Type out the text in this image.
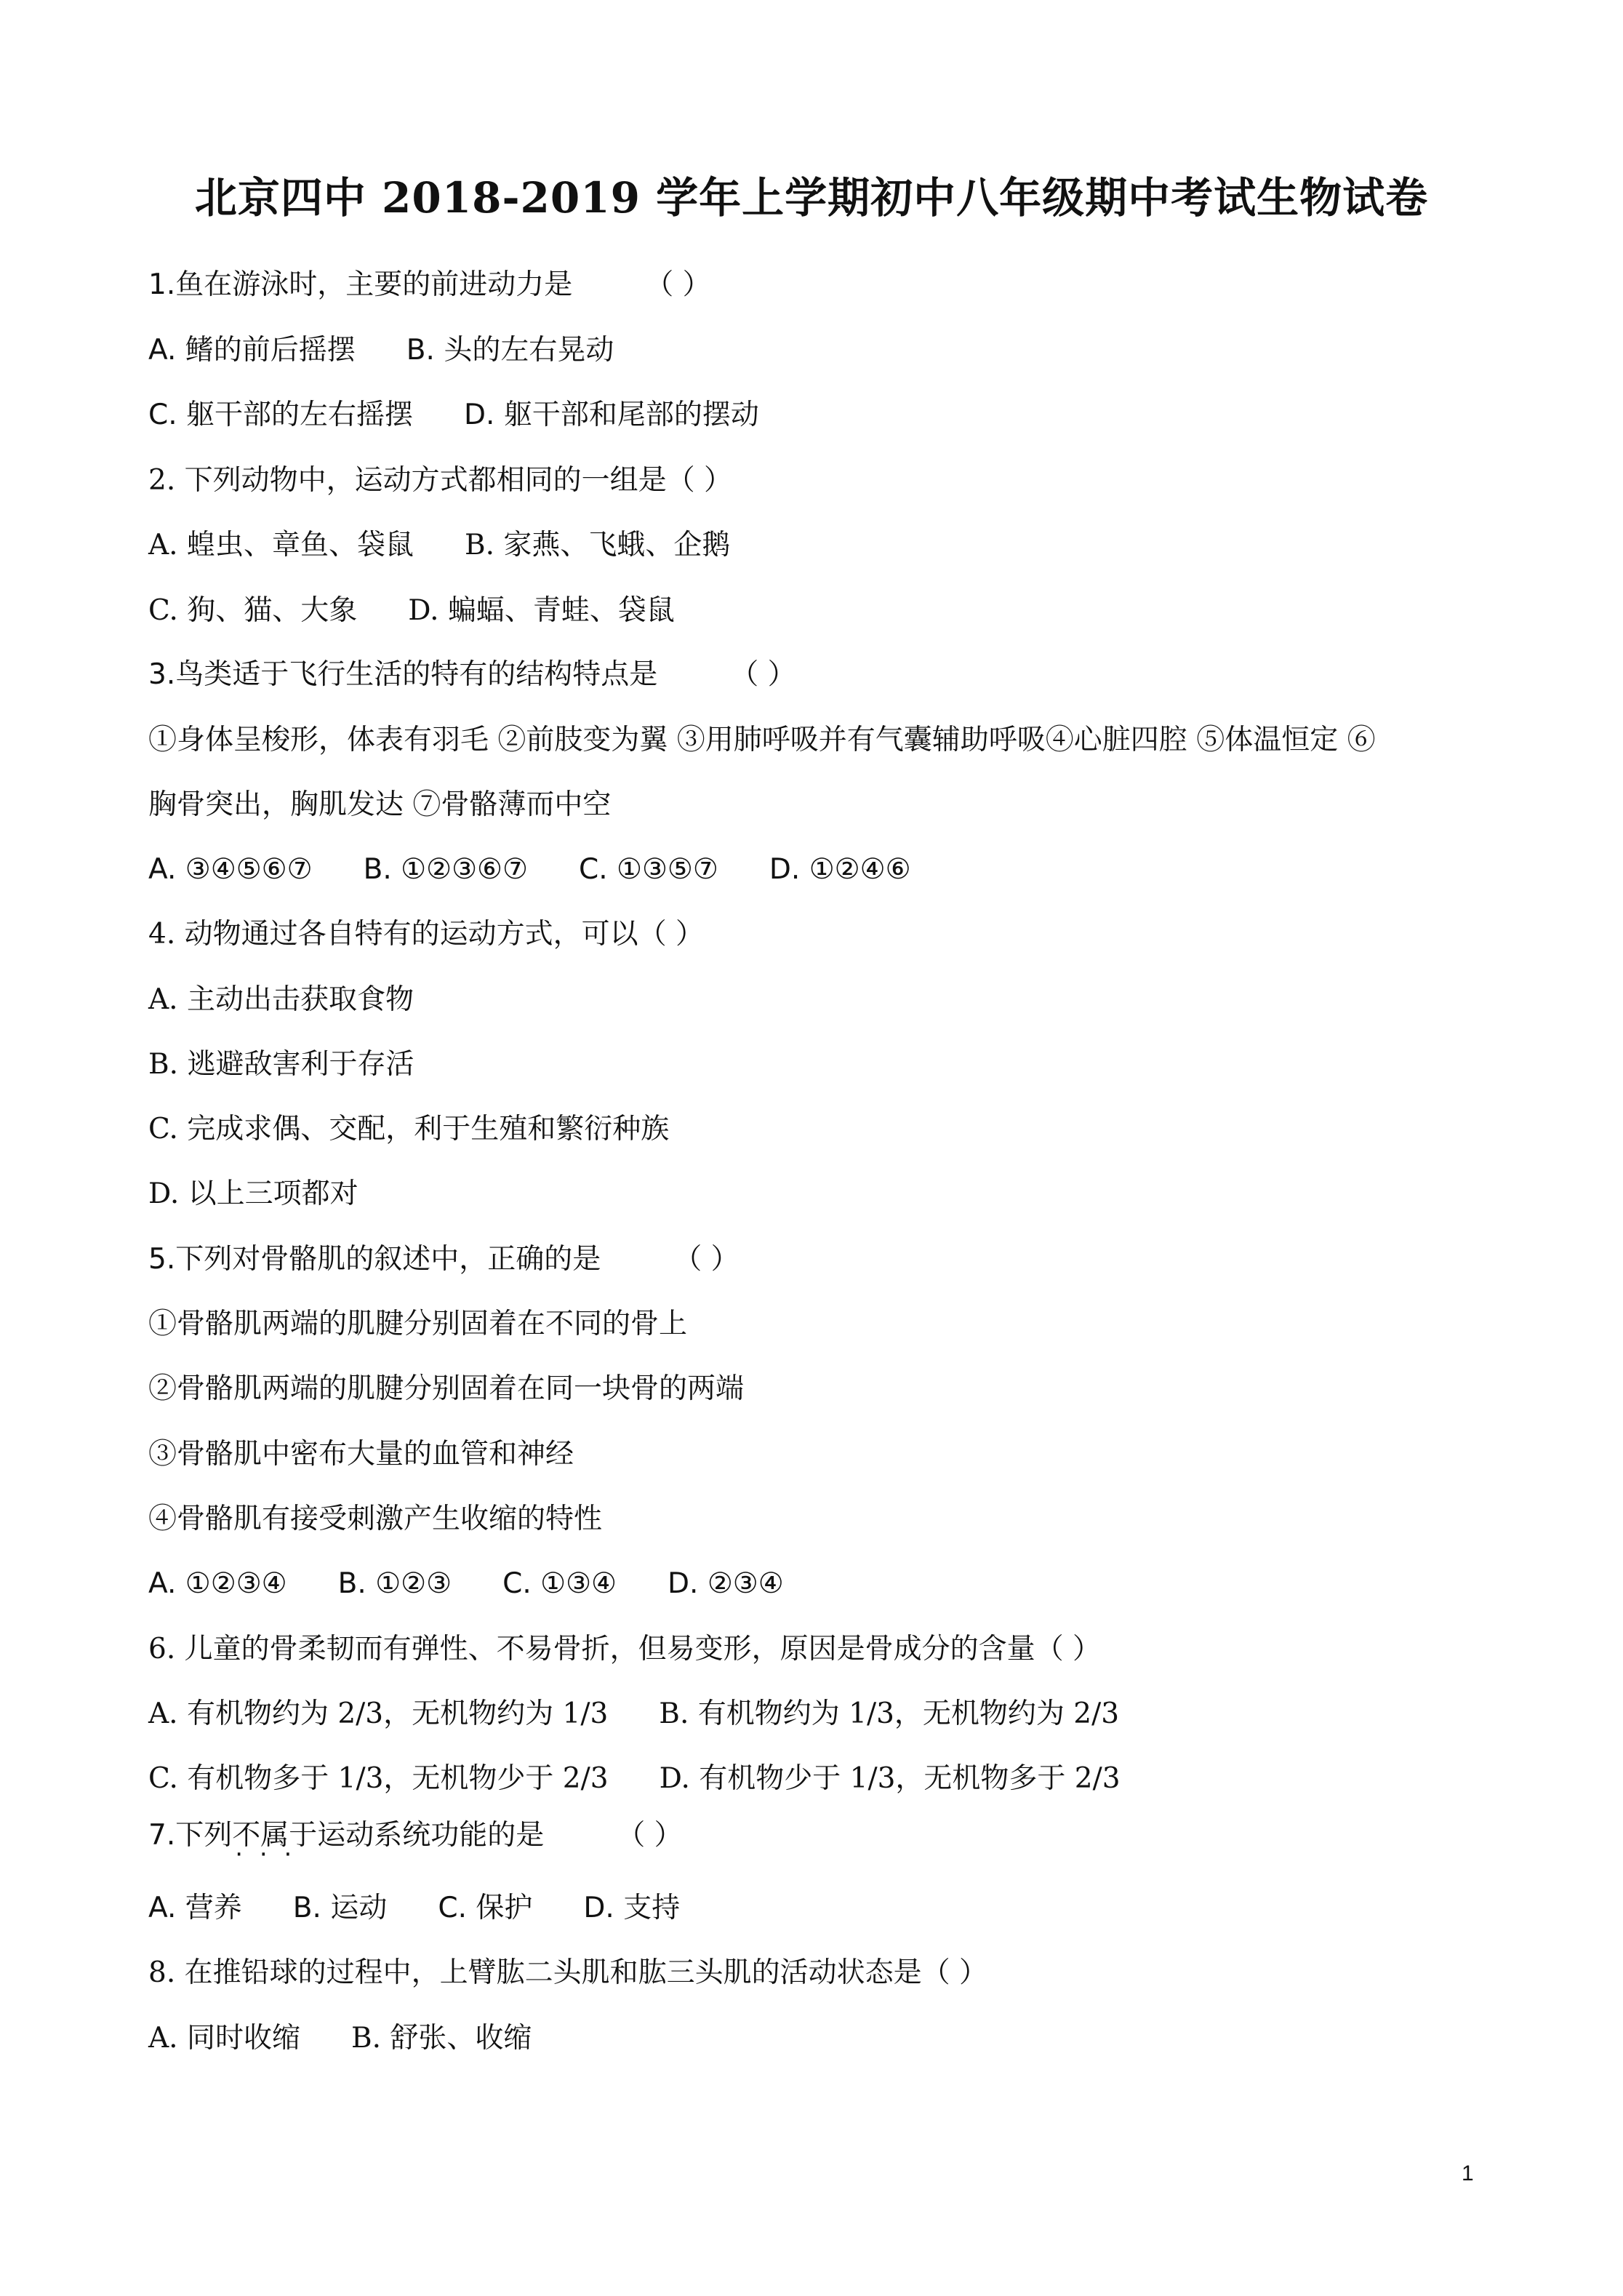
北京四中 2018-2019 学年上学期初中八年级期中考试生物试卷
1.鱼在游泳时，主要的前进动力是	（ ）
A. 鳍的前后摇摆 B. 头的左右晃动
C. 躯干部的左右摇摆 D. 躯干部和尾部的摆动
2. 下列动物中，运动方式都相同的一组是（ ）
A. 蝗虫、章鱼、袋鼠 B. 家燕、飞蛾、企鹅
C. 狗、猫、大象 D. 蝙蝠、青蛙、袋鼠
3.鸟类适于飞行生活的特有的结构特点是	（ ）
①身体呈梭形，体表有羽毛 ②前肢变为翼 ③用肺呼吸并有气囊辅助呼吸④心脏四腔 ⑤体温恒定 ⑥
胸骨突出，胸肌发达 ⑦骨骼薄而中空
A. ③④⑤⑥⑦ B. ①②③⑥⑦ C. ①③⑤⑦ D. ①②④⑥
4. 动物通过各自特有的运动方式，可以（ ）
A. 主动出击获取食物
B. 逃避敌害利于存活
C. 完成求偶、交配，利于生殖和繁衍种族
D. 以上三项都对
5.下列对骨骼肌的叙述中，正确的是	（ ）
①骨骼肌两端的肌腱分别固着在不同的骨上
②骨骼肌两端的肌腱分别固着在同一块骨的两端
③骨骼肌中密布大量的血管和神经
④骨骼肌有接受刺激产生收缩的特性
A. ①②③④ B. ①②③ C. ①③④ D. ②③④
6. 儿童的骨柔韧而有弹性、不易骨折，但易变形，原因是骨成分的含量（ ）
A. 有机物约为 2/3，无机物约为 1/3 B. 有机物约为 1/3，无机物约为 2/3
C. 有机物多于 1/3，无机物少于 2/3 D. 有机物少于 1/3，无机物多于 2/3
7.下列不属于 · · ·运动系统功能的是	（ ）
A. 营养 B. 运动 C. 保护 D. 支持
8. 在推铅球的过程中，上臂肱二头肌和肱三头肌的活动状态是（ ）
A. 同时收缩 B. 舒张、收缩
1
